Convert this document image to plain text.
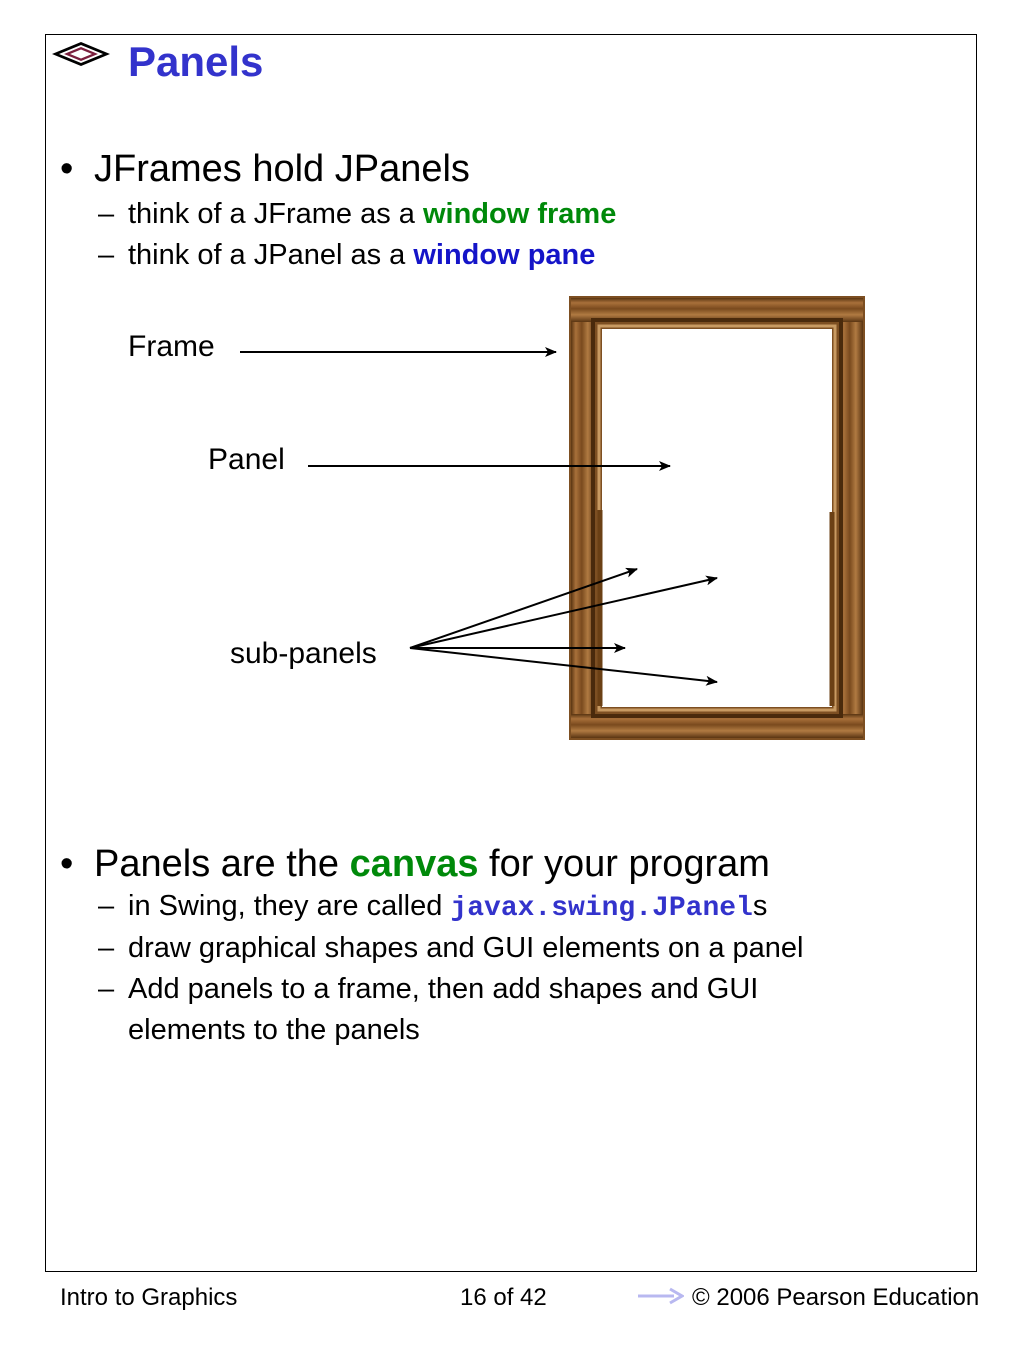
Panels
• JFrames hold JPanels
– think of a JFrame as a window frame
– think of a JPanel as a window pane
Frame
Panel
sub-panels
• Panels are the canvas for your program
– in Swing, they are called javax.swing.JPanels
– draw graphical shapes and GUI elements on a panel
– Add panels to a frame, then add shapes and GUI
elements to the panels
Intro to Graphics	16 of 42	© 2006 Pearson Education
